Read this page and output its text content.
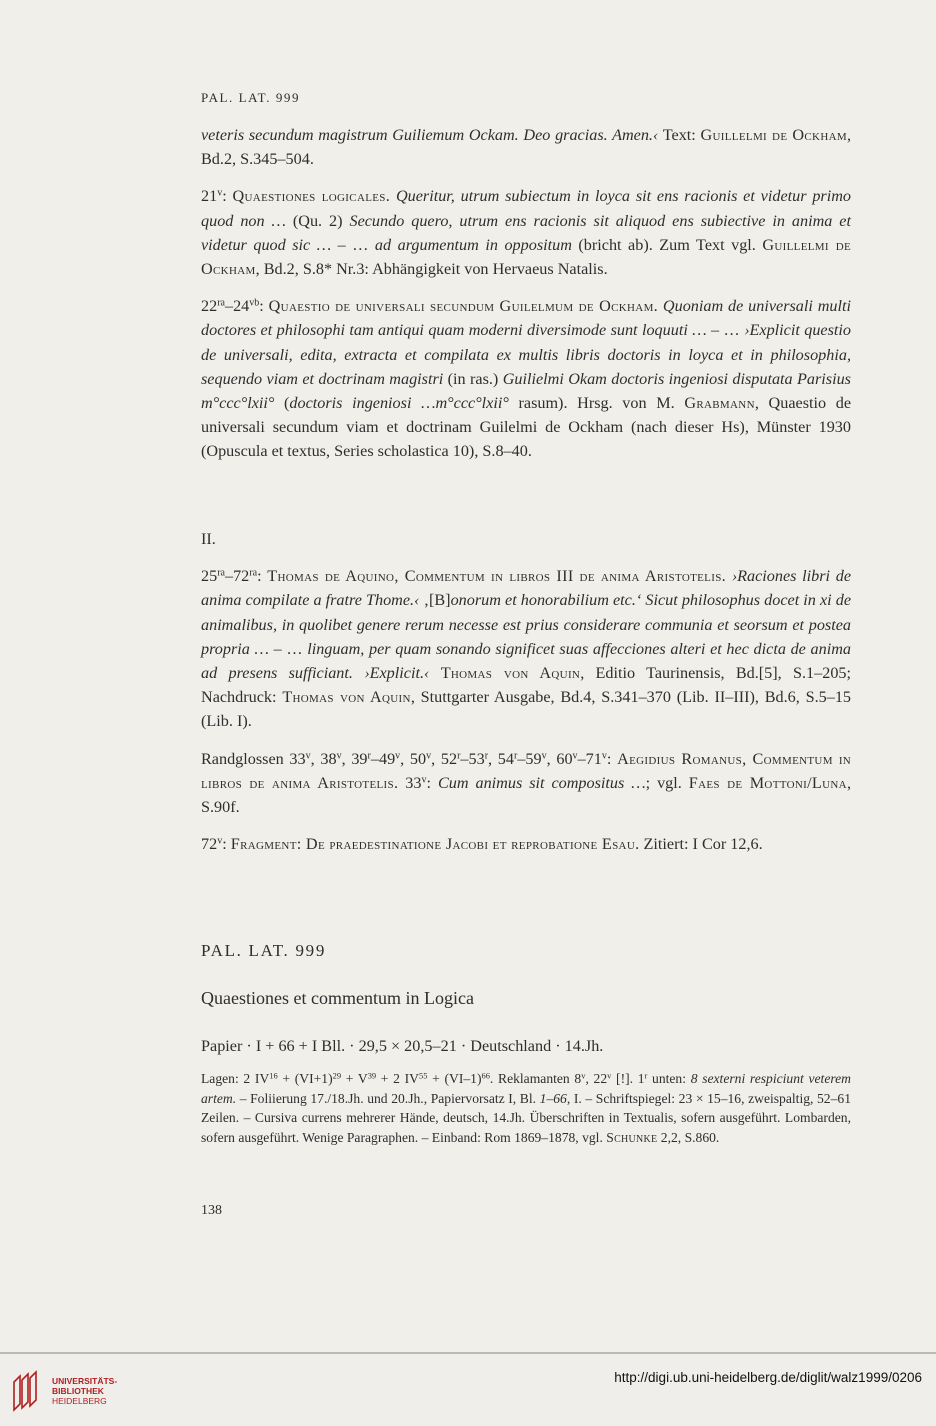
PAL. LAT. 999

veteris secundum magistrum Guiliemum Ockam. Deo gracias. Amen.‹ Text: Guillelmi de Ockham, Bd.2, S.345–504.

21$^v$: Quaestiones logicales. Queritur, utrum subiectum in loyca sit ens racionis et videtur primo quod non … (Qu. 2) Secundo quero, utrum ens racionis sit aliquod ens subiective in anima et videtur quod sic … – … ad argumentum in oppositum (bricht ab). Zum Text vgl. Guillelmi de Ockham, Bd.2, S.8* Nr.3: Abhängigkeit von Hervaeus Natalis.

$22^{ra}-24^{vb}$: Quaestio de universali secundum Guilelmum de Ockham. Quoniam de universali multi doctores et philosophi tam antiqui quam moderni diversimode sunt loquuti … – … ›Explicit questio de universali, edita, extracta et compilata ex multis libris doctoris in loyca et in philosophia, sequendo viam et doctrinam magistri (in ras.) Guilielmi Okam doctoris ingeniosi disputata Parisius m°ccc°lxii° (doctoris ingeniosi …m°ccc°lxii° rasum). Hrsg. von M. Grabmann, Quaestio de universali secundum viam et doctrinam Guilelmi de Ockham (nach dieser Hs), Münster 1930 (Opuscula et textus, Series scholastica 10), S.8–40.

II.

$25^{ra}-72^{ra}$: Thomas de Aquino, Commentum in libros III de anima Aristotelis. ›Raciones libri de anima compilate a fratre Thome.‹ ‚[B]onorum et honorabilium etc.‘ Sicut philosophus docet in xi de animalibus, in quolibet genere rerum necesse est prius considerare communia et seorsum et postea propria … – … linguam, per quam sonando significet suas affecciones alteri et hec dicta de anima ad presens sufficiant. ›Explicit.‹ Thomas von Aquin, Editio Taurinensis, Bd.[5], S.1–205; Nachdruck: Thomas von Aquin, Stuttgarter Ausgabe, Bd.4, S.341–370 (Lib. II–III), Bd.6, S.5–15 (Lib. I).

Randglossen 33$^v$, 38$^v$, 39$^r$–49$^v$, 50$^v$, 52$^r$–53$^r$, 54$^r$–59$^v$, 60$^v$–71$^v$: Aegidius Romanus, Commentum in libros de anima Aristotelis. 33$^v$: Cum animus sit compositus …; vgl. Faes de Mottoni/Luna, S.90f.

72$^v$: Fragment: De praedestinatione Jacobi et reprobatione Esau. Zitiert: I Cor 12,6.

PAL. LAT. 999
Quaestiones et commentum in Logica

Papier · I + 66 + I Bll. · 29,5 × 20,5–21 · Deutschland · 14.Jh.

Lagen: 2 $IV^{16} + (VI+1)^{29} + V^{39} + 2$ $IV^{55} + (VI-1)^{66}$. Reklamanten 8$^v$, 22$^v$ [!]. 1$^r$ unten: 8 sexterni respiciunt veterem artem. – Foliierung 17./18.Jh. und 20.Jh., Papiervorsatz I, Bl. 1–66, I. – Schriftspiegel: 23 × 15–16, zweispaltig, 52–61 Zeilen. – Cursiva currens mehrerer Hände, deutsch, 14.Jh. Überschriften in Textualis, sofern ausgeführt. Lombarden, sofern ausgeführt. Wenige Paragraphen. – Einband: Rom 1869–1878, vgl. Schunke 2,2, S.860.
138
UNIVERSITÄTS-
BIBLIOTHEK
HEIDELBERG
http://digi.ub.uni-heidelberg.de/diglit/walz1999/0206
